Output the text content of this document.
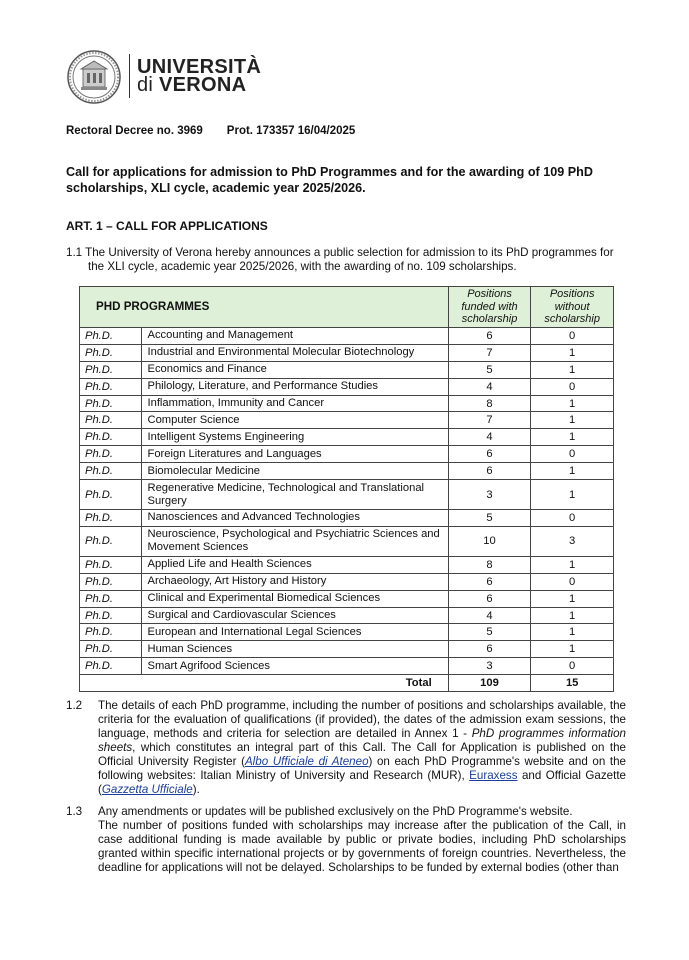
UNIVERSITÀ
di VERONA
Rectoral Decree no. 3969 Prot. 173357 16/04/2025
Call for applications for admission to PhD Programmes and for the awarding of 109 PhD scholarships, XLI cycle, academic year 2025/2026.
ART. 1 – CALL FOR APPLICATIONS
1.1 The University of Verona hereby announces a public selection for admission to its PhD programmes for
the XLI cycle, academic year 2025/2026, with the awarding of no. 109 scholarships.
PHD PROGRAMMES		Positions funded with scholarship	Positions without scholarship
Ph.D.	Accounting and Management	6	0
Ph.D.	Industrial and Environmental Molecular Biotechnology	7	1
Ph.D.	Economics and Finance	5	1
Ph.D.	Philology, Literature, and Performance Studies	4	0
Ph.D.	Inflammation, Immunity and Cancer	8	1
Ph.D.	Computer Science	7	1
Ph.D.	Intelligent Systems Engineering	4	1
Ph.D.	Foreign Literatures and Languages	6	0
Ph.D.	Biomolecular Medicine	6	1
Ph.D.	Regenerative Medicine, Technological and Translational Surgery	3	1
Ph.D.	Nanosciences and Advanced Technologies	5	0
Ph.D.	Neuroscience, Psychological and Psychiatric Sciences and Movement Sciences	10	3
Ph.D.	Applied Life and Health Sciences	8	1
Ph.D.	Archaeology, Art History and History	6	0
Ph.D.	Clinical and Experimental Biomedical Sciences	6	1
Ph.D.	Surgical and Cardiovascular Sciences	4	1
Ph.D.	European and International Legal Sciences	5	1
Ph.D.	Human Sciences	6	1
Ph.D.	Smart Agrifood Sciences	3	0
	Total	109	15
1.2	The details of each PhD programme, including the number of positions and scholarships available, the criteria for the evaluation of qualifications (if provided), the dates of the admission exam sessions, the language, methods and criteria for selection are detailed in Annex 1 - PhD programmes information sheets, which constitutes an integral part of this Call. The Call for Application is published on the Official University Register (Albo Ufficiale di Ateneo) on each PhD Programme's website and on the following websites: Italian Ministry of University and Research (MUR), Euraxess and Official Gazette (Gazzetta Ufficiale).
1.3	Any amendments or updates will be published exclusively on the PhD Programme's website.
The number of positions funded with scholarships may increase after the publication of the Call, in case additional funding is made available by public or private bodies, including PhD scholarships granted within specific international projects or by governments of foreign countries. Nevertheless, the deadline for applications will not be delayed. Scholarships to be funded by external bodies (other than
